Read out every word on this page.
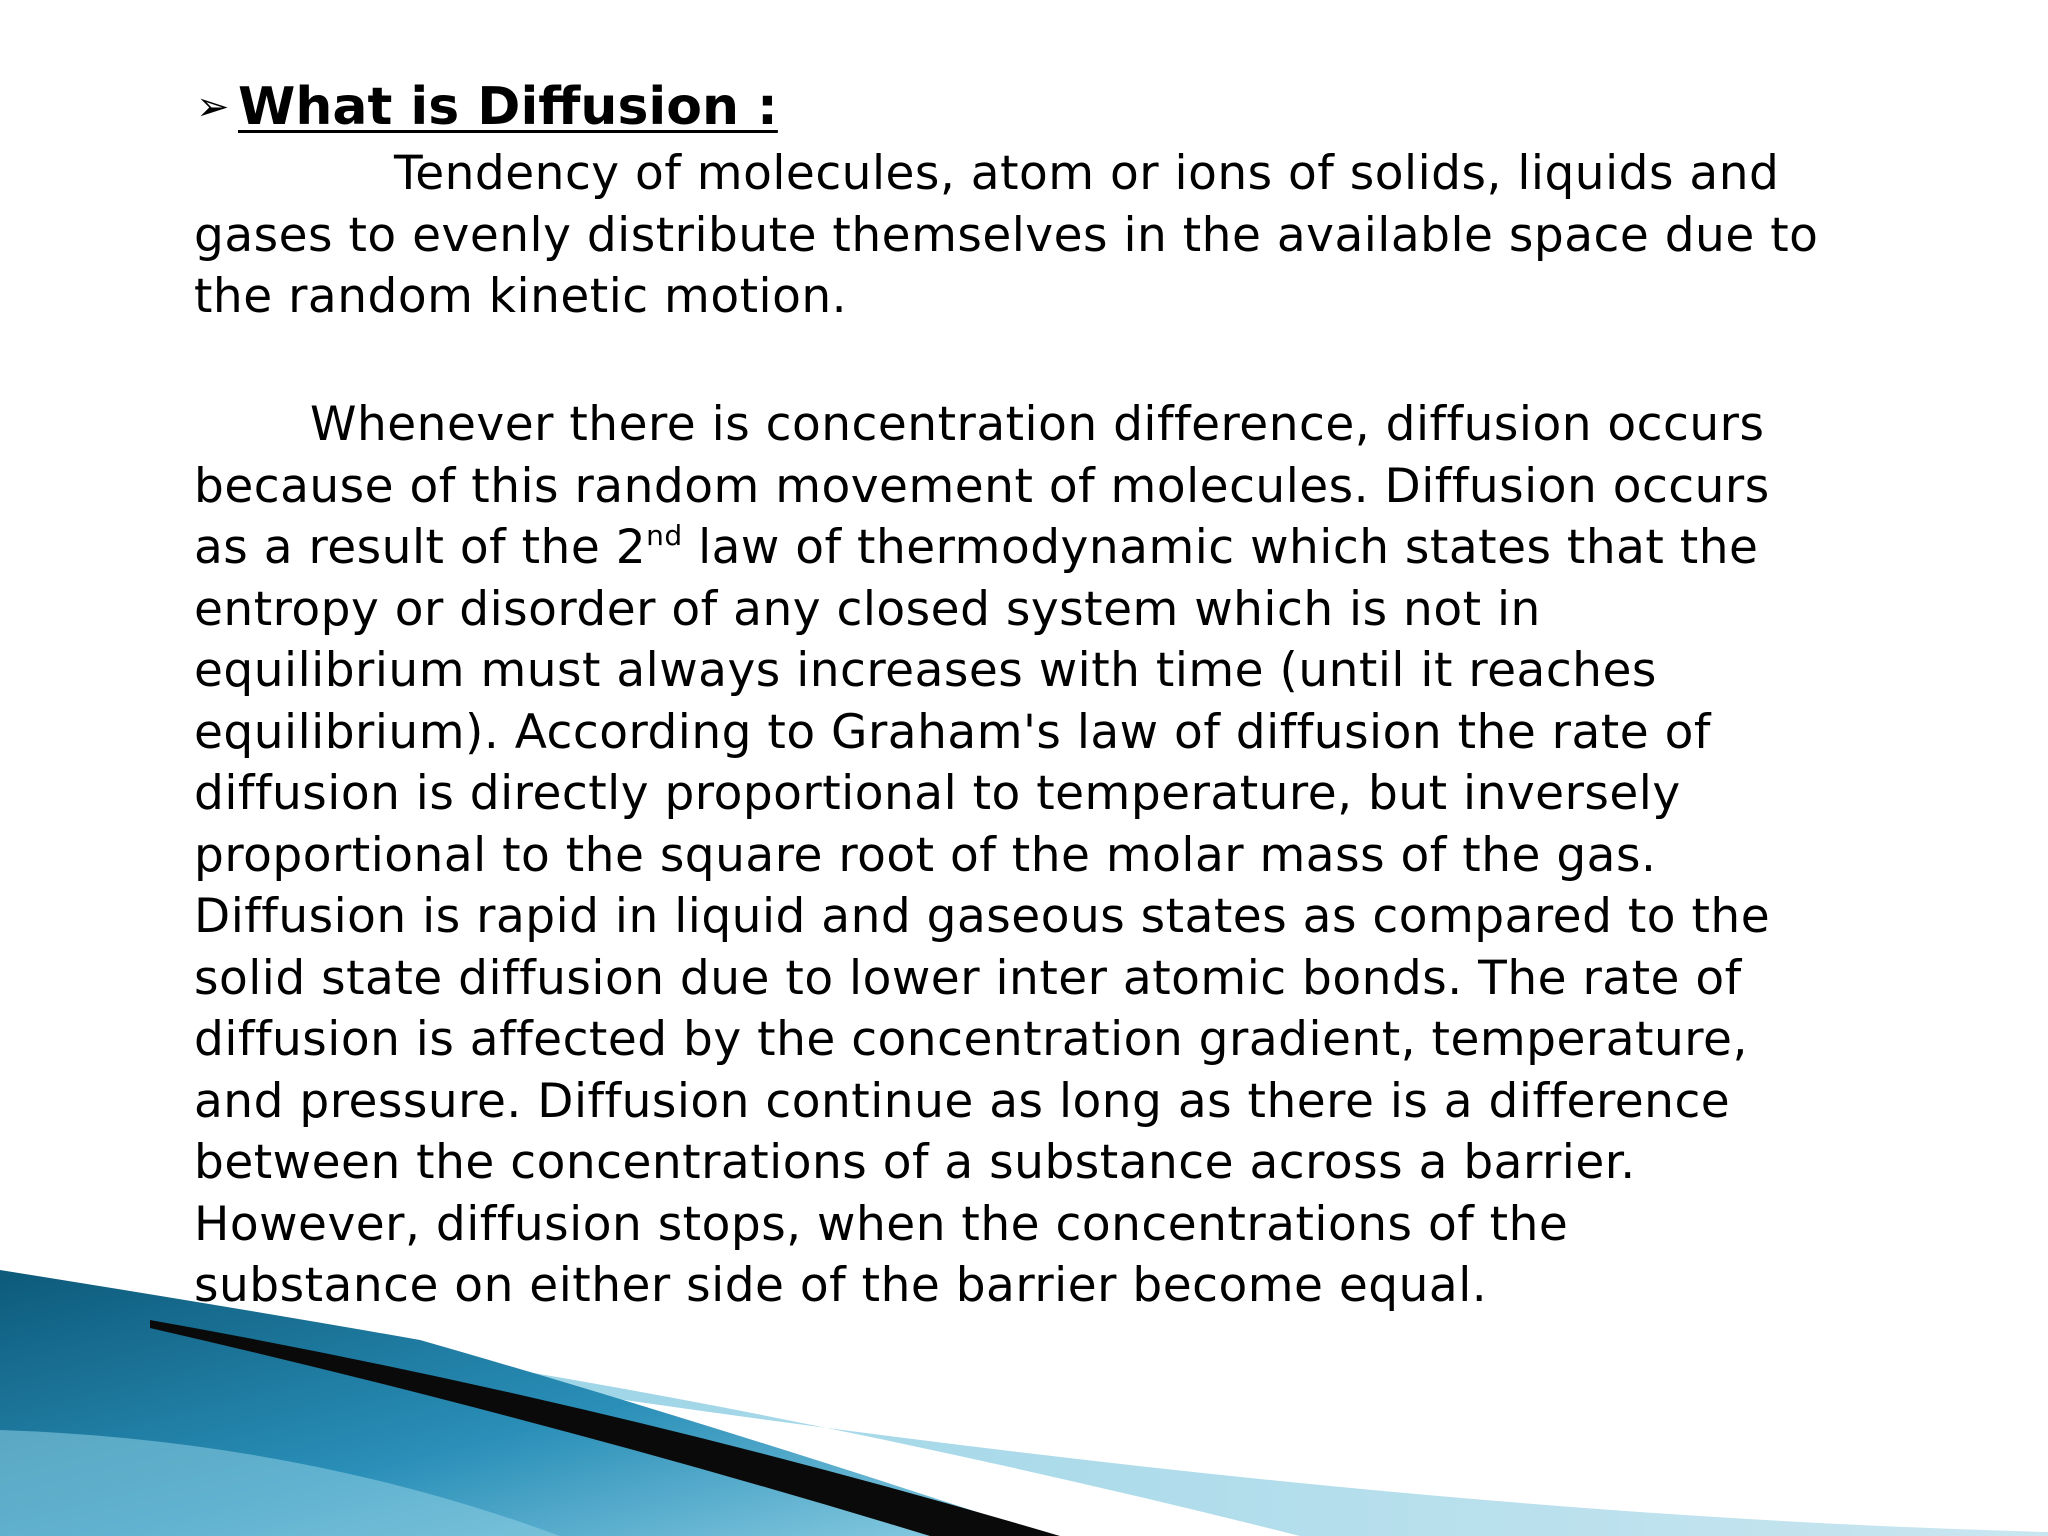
➢ What is Diffusion :
Tendency of molecules, atom or ions of solids, liquids and
gases to evenly distribute themselves in the available space due to
the random kinetic motion.
Whenever there is concentration difference, diffusion occurs
because of this random movement of molecules. Diffusion occurs
as a result of the 2nd law of thermodynamic which states that the
entropy or disorder of any closed system which is not in
equilibrium must always increases with time (until it reaches
equilibrium). According to Graham's law of diffusion the rate of
diffusion is directly proportional to temperature, but inversely
proportional to the square root of the molar mass of the gas.
Diffusion is rapid in liquid and gaseous states as compared to the
solid state diffusion due to lower inter atomic bonds. The rate of
diffusion is affected by the concentration gradient, temperature,
and pressure. Diffusion continue as long as there is a difference
between the concentrations of a substance across a barrier.
However, diffusion stops, when the concentrations of the
substance on either side of the barrier become equal.
